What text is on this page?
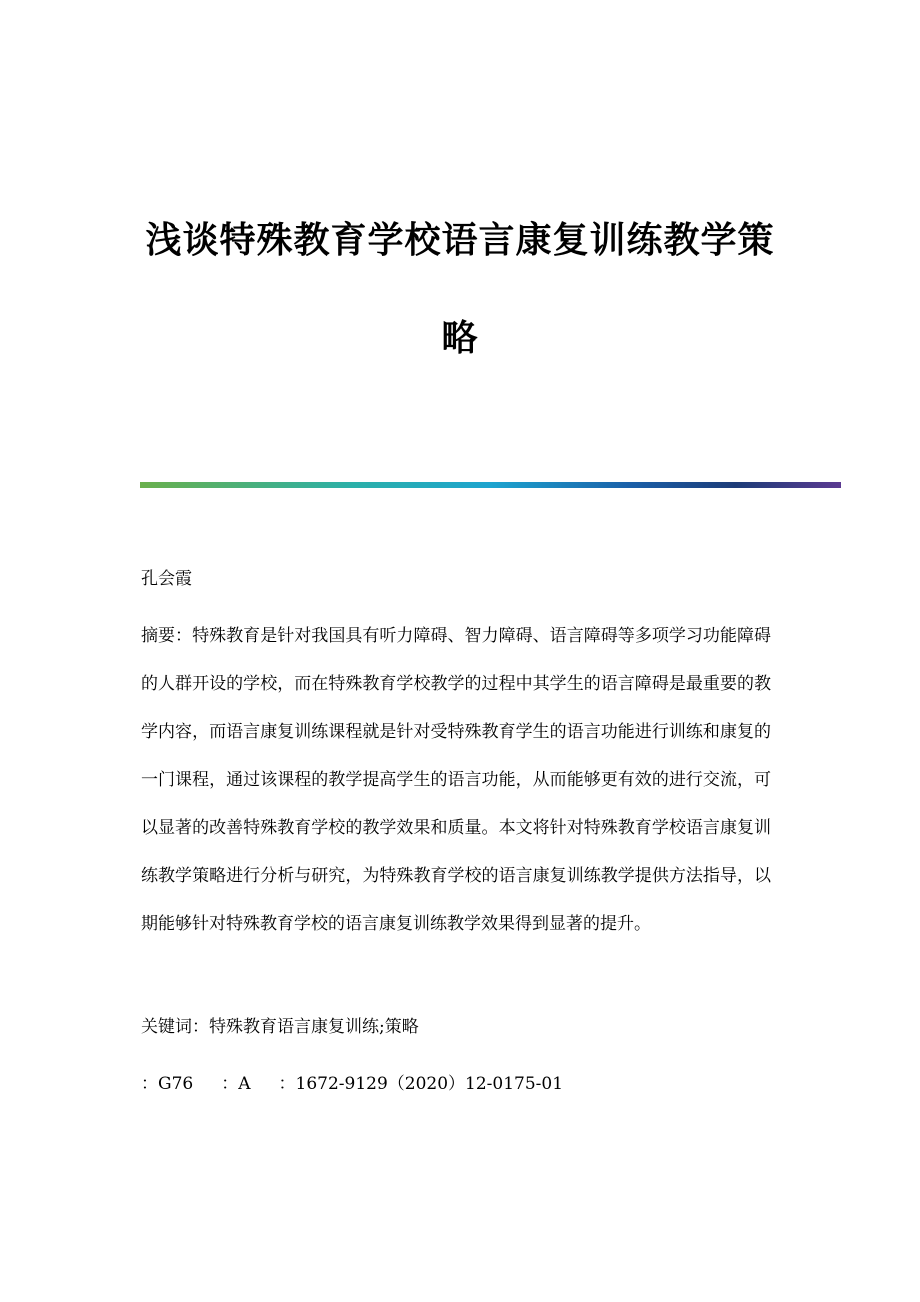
浅谈特殊教育学校语言康复训练教学策
略
孔会霞
摘要：特殊教育是针对我国具有听力障碍、智力障碍、语言障碍等多项学习功能障碍的人群开设的学校，而在特殊教育学校教学的过程中其学生的语言障碍是最重要的教学内容，而语言康复训练课程就是针对受特殊教育学生的语言功能进行训练和康复的一门课程，通过该课程的教学提高学生的语言功能，从而能够更有效的进行交流，可以显著的改善特殊教育学校的教学效果和质量。本文将针对特殊教育学校语言康复训练教学策略进行分析与研究，为特殊教育学校的语言康复训练教学提供方法指导，以期能够针对特殊教育学校的语言康复训练教学效果得到显著的提升。
关键词：特殊教育语言康复训练;策略
：G76 ：A ：1672-9129（2020）12-0175-01
